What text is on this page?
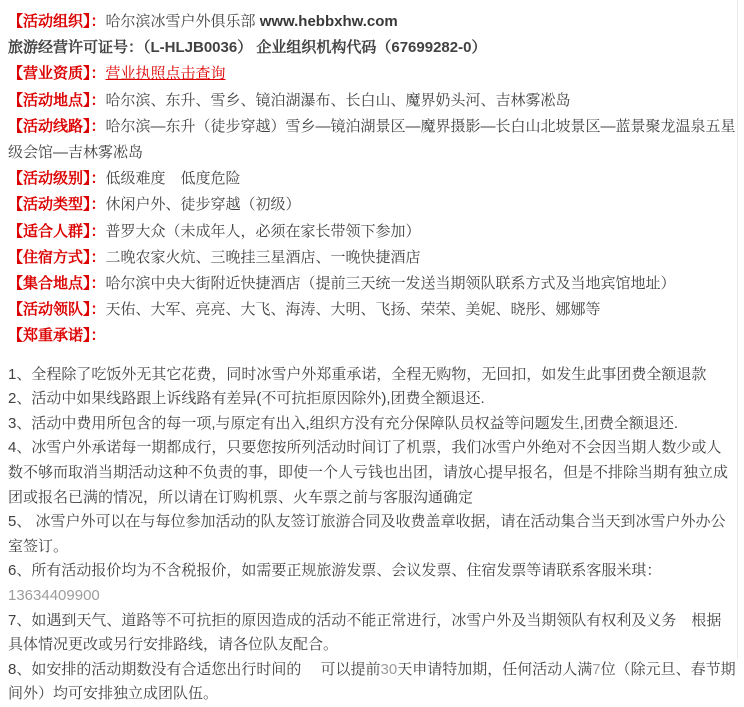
【活动组织】：哈尔滨冰雪户外俱乐部 www.hebbxhw.com
旅游经营许可证号：（L-HLJB0036） 企业组织机构代码（67699282-0）
【营业资质】：营业执照点击查询
【活动地点】：哈尔滨、东升、雪乡、镜泊湖瀑布、长白山、魔界奶头河、吉林雾凇岛
【活动线路】：哈尔滨—东升（徒步穿越）雪乡—镜泊湖景区—魔界摄影—长白山北坡景区—蓝景聚龙温泉五星级会馆—吉林雾凇岛
【活动级别】：低级难度　低度危险
【活动类型】：休闲户外、徒步穿越（初级）
【适合人群】：普罗大众（未成年人，必须在家长带领下参加）
【住宿方式】：二晚农家火炕、三晚挂三星酒店、一晚快捷酒店
【集合地点】：哈尔滨中央大街附近快捷酒店（提前三天统一发送当期领队联系方式及当地宾馆地址）
【活动领队】：天佑、大军、亮亮、大飞、海涛、大明、飞扬、荣荣、美妮、晓彤、娜娜等
【郑重承诺】：

1、全程除了吃饭外无其它花费，同时冰雪户外郑重承诺，全程无购物，无回扣，如发生此事团费全额退款

2、活动中如果线路跟上诉线路有差异(不可抗拒原因除外),团费全额退还.

3、活动中费用所包含的每一项,与原定有出入,组织方没有充分保障队员权益等问题发生,团费全额退还.

4、冰雪户外承诺每一期都成行，只要您按所列活动时间订了机票，我们冰雪户外绝对不会因当期人数少或人数不够而取消当期活动这种不负责的事，即使一个人亏钱也出团，请放心提早报名，但是不排除当期有独立成团或报名已满的情况，所以请在订购机票、火车票之前与客服沟通确定

5、 冰雪户外可以在与每位参加活动的队友签订旅游合同及收费盖章收据，请在活动集合当天到冰雪户外办公室签订。

6、所有活动报价均为不含税报价，如需要正规旅游发票、会议发票、住宿发票等请联系客服米琪：13634409900

7、如遇到天气、道路等不可抗拒的原因造成的活动不能正常进行，冰雪户外及当期领队有权利及义务　根据具体情况更改或另行安排路线，请各位队友配合。

8、如安排的活动期数没有合适您出行时间的　 可以提前30天申请特加期，任何活动人满7位（除元旦、春节期间外）均可安排独立成团队伍。
